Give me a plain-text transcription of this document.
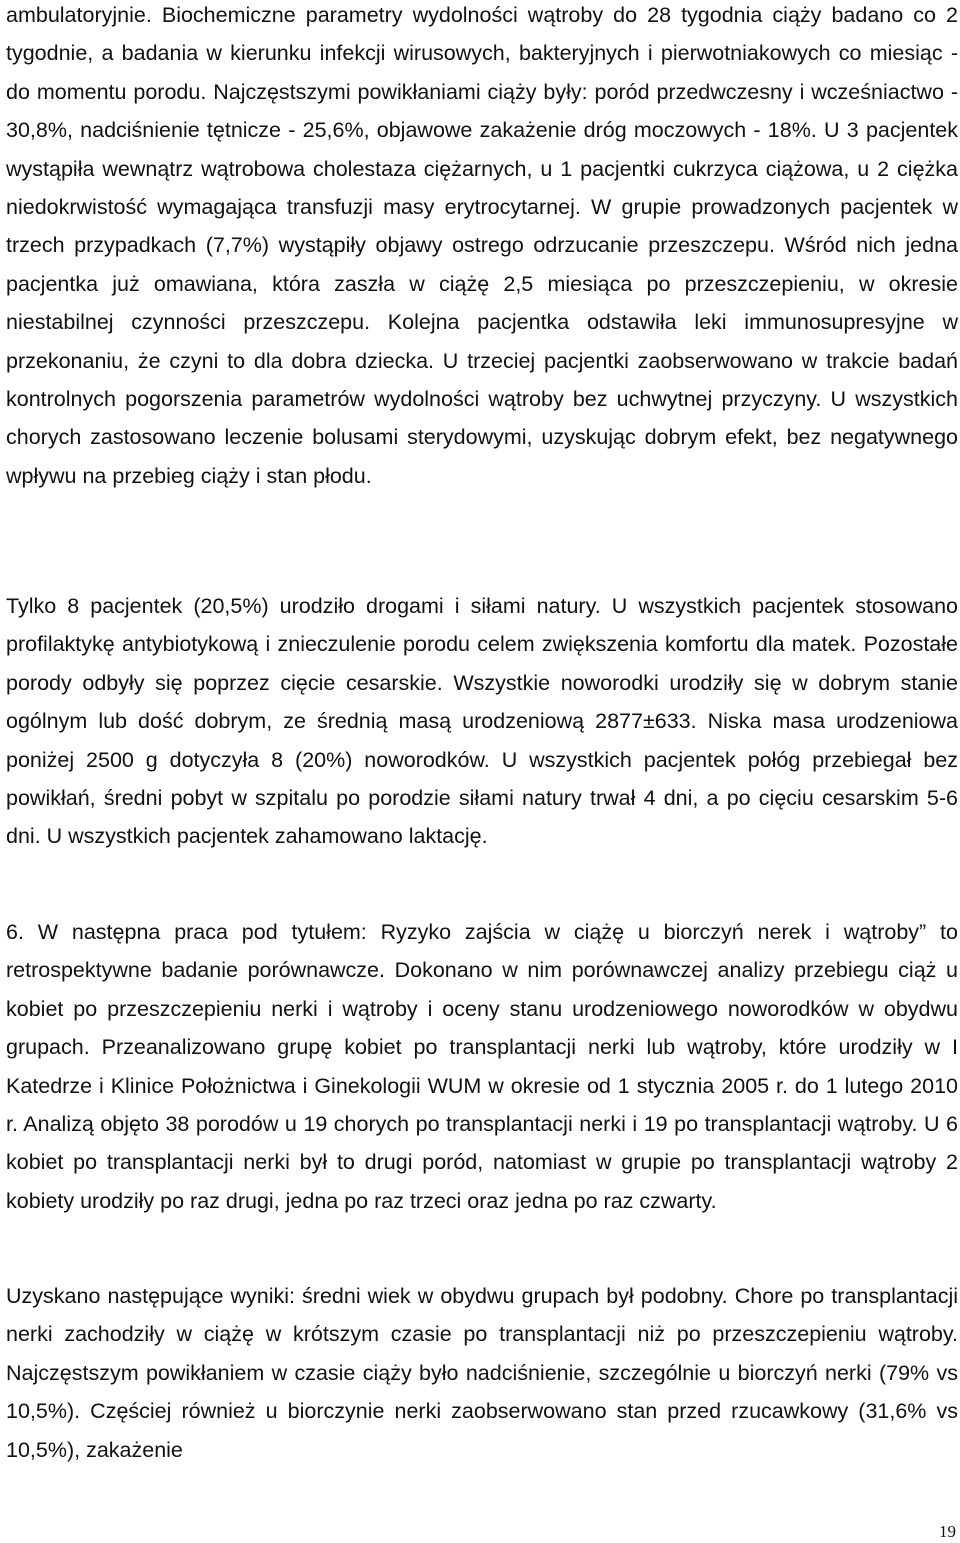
ambulatoryjnie. Biochemiczne parametry wydolności wątroby do 28 tygodnia ciąży badano co 2 tygodnie, a badania w kierunku infekcji wirusowych, bakteryjnych i pierwotniakowych co miesiąc - do momentu porodu. Najczęstszymi powikłaniami ciąży były: poród przedwczesny i wcześniactwo - 30,8%, nadciśnienie tętnicze - 25,6%, objawowe zakażenie dróg moczowych - 18%. U 3 pacjentek wystąpiła wewnątrz wątrobowa cholestaza ciężarnych, u 1 pacjentki cukrzyca ciążowa, u 2 ciężka niedokrwistość wymagająca transfuzji masy erytrocytarnej. W grupie prowadzonych pacjentek w trzech przypadkach (7,7%) wystąpiły objawy ostrego odrzucanie przeszczepu. Wśród nich jedna pacjentka już omawiana, która zaszła w ciążę 2,5 miesiąca po przeszczepieniu, w okresie niestabilnej czynności przeszczepu. Kolejna pacjentka odstawiła leki immunosupresyjne w przekonaniu, że czyni to dla dobra dziecka. U trzeciej pacjentki zaobserwowano w trakcie badań kontrolnych pogorszenia parametrów wydolności wątroby bez uchwytnej przyczyny. U wszystkich chorych zastosowano leczenie bolusami sterydowymi, uzyskując dobrym efekt, bez negatywnego wpływu na przebieg ciąży i stan płodu.

Tylko 8 pacjentek (20,5%) urodziło drogami i siłami natury. U wszystkich pacjentek stosowano profilaktykę antybiotykową i znieczulenie porodu celem zwiększenia komfortu dla matek. Pozostałe porody odbyły się poprzez cięcie cesarskie. Wszystkie noworodki urodziły się w dobrym stanie ogólnym lub dość dobrym, ze średnią masą urodzeniową 2877±633. Niska masa urodzeniowa poniżej 2500 g dotyczyła 8 (20%) noworodków. U wszystkich pacjentek połóg przebiegał bez powikłań, średni pobyt w szpitalu po porodzie siłami natury trwał 4 dni, a po cięciu cesarskim 5-6 dni. U wszystkich pacjentek zahamowano laktację.

6. W następna praca pod tytułem: Ryzyko zajścia w ciążę u biorczyń nerek i wątroby” to retrospektywne badanie porównawcze. Dokonano w nim porównawczej analizy przebiegu ciąż u kobiet po przeszczepieniu nerki i wątroby i oceny stanu urodzeniowego noworodków w obydwu grupach. Przeanalizowano grupę kobiet po transplantacji nerki lub wątroby, które urodziły w I Katedrze i Klinice Położnictwa i Ginekologii WUM w okresie od 1 stycznia 2005 r. do 1 lutego 2010 r. Analizą objęto 38 porodów u 19 chorych po transplantacji nerki i 19 po transplantacji wątroby. U 6 kobiet po transplantacji nerki był to drugi poród, natomiast w grupie po transplantacji wątroby 2 kobiety urodziły po raz drugi, jedna po raz trzeci oraz jedna po raz czwarty.

Uzyskano następujące wyniki: średni wiek w obydwu grupach był podobny. Chore po transplantacji nerki zachodziły w ciążę w krótszym czasie po transplantacji niż po przeszczepieniu wątroby. Najczęstszym powikłaniem w czasie ciąży było nadciśnienie, szczególnie u biorczyń nerki (79% vs 10,5%). Częściej również u biorczynie nerki zaobserwowano stan przed rzucawkowy (31,6% vs 10,5%), zakażenie

19
